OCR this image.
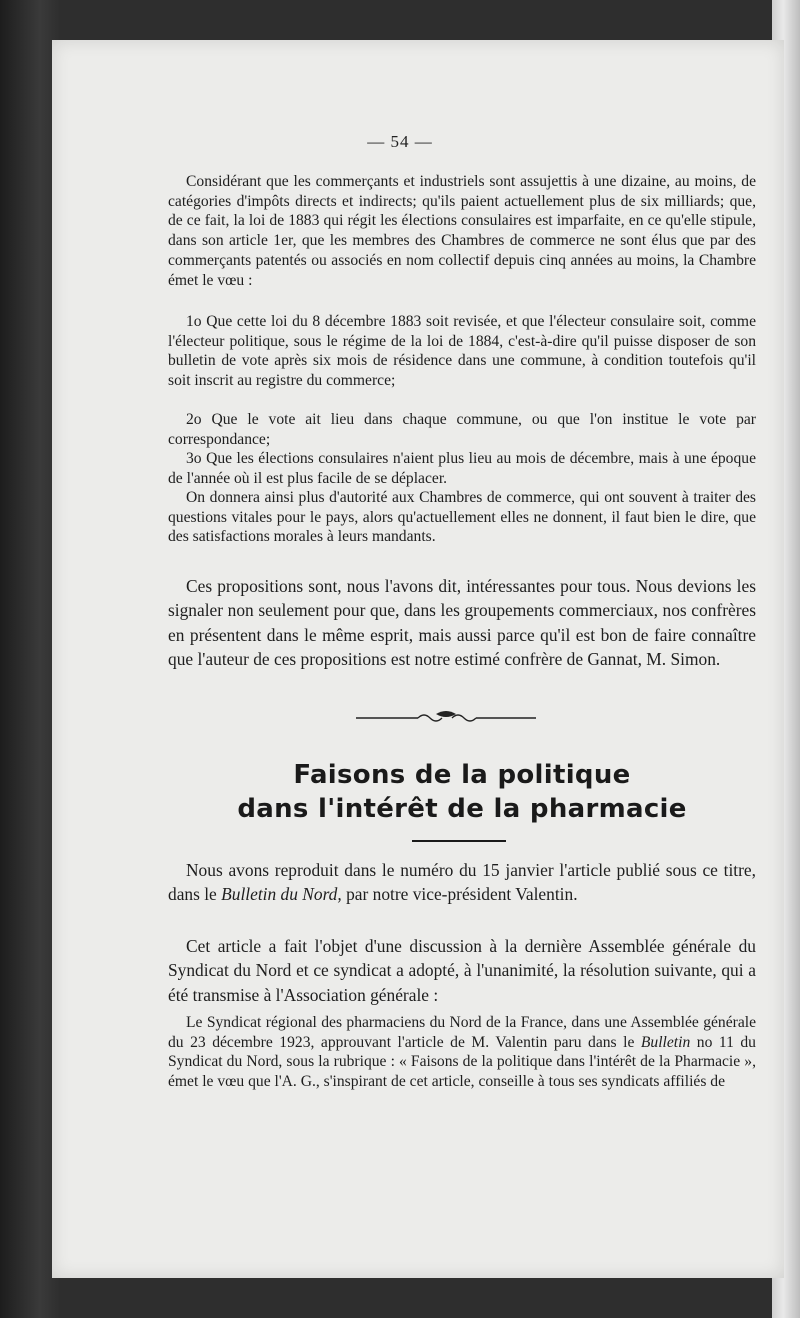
— 54 —

Considérant que les commerçants et industriels sont assujettis à une dizaine, au moins, de catégories d'impôts directs et indirects; qu'ils paient actuellement plus de six milliards; que, de ce fait, la loi de 1883 qui régit les élections consulaires est imparfaite, en ce qu'elle stipule, dans son article 1er, que les membres des Chambres de commerce ne sont élus que par des commerçants patentés ou associés en nom collectif depuis cinq années au moins, la Chambre émet le vœu :

1o Que cette loi du 8 décembre 1883 soit revisée, et que l'électeur consulaire soit, comme l'électeur politique, sous le régime de la loi de 1884, c'est-à-dire qu'il puisse disposer de son bulletin de vote après six mois de résidence dans une commune, à condition toutefois qu'il soit inscrit au registre du commerce;

2o Que le vote ait lieu dans chaque commune, ou que l'on institue le vote par correspondance;

3o Que les élections consulaires n'aient plus lieu au mois de décembre, mais à une époque de l'année où il est plus facile de se déplacer.

On donnera ainsi plus d'autorité aux Chambres de commerce, qui ont souvent à traiter des questions vitales pour le pays, alors qu'actuellement elles ne donnent, il faut bien le dire, que des satisfactions morales à leurs mandants.

Ces propositions sont, nous l'avons dit, intéressantes pour tous. Nous devions les signaler non seulement pour que, dans les groupements commerciaux, nos confrères en présentent dans le même esprit, mais aussi parce qu'il est bon de faire connaître que l'auteur de ces propositions est notre estimé confrère de Gannat, M. Simon.

Faisons de la politique
dans l'intérêt de la pharmacie

Nous avons reproduit dans le numéro du 15 janvier l'article publié sous ce titre, dans le Bulletin du Nord, par notre vice-président Valentin.

Cet article a fait l'objet d'une discussion à la dernière Assemblée générale du Syndicat du Nord et ce syndicat a adopté, à l'unanimité, la résolution suivante, qui a été transmise à l'Association générale :

Le Syndicat régional des pharmaciens du Nord de la France, dans une Assemblée générale du 23 décembre 1923, approuvant l'article de M. Valentin paru dans le Bulletin no 11 du Syndicat du Nord, sous la rubrique : « Faisons de la politique dans l'intérêt de la Pharmacie », émet le vœu que l'A. G., s'inspirant de cet article, conseille à tous ses syndicats affiliés de
